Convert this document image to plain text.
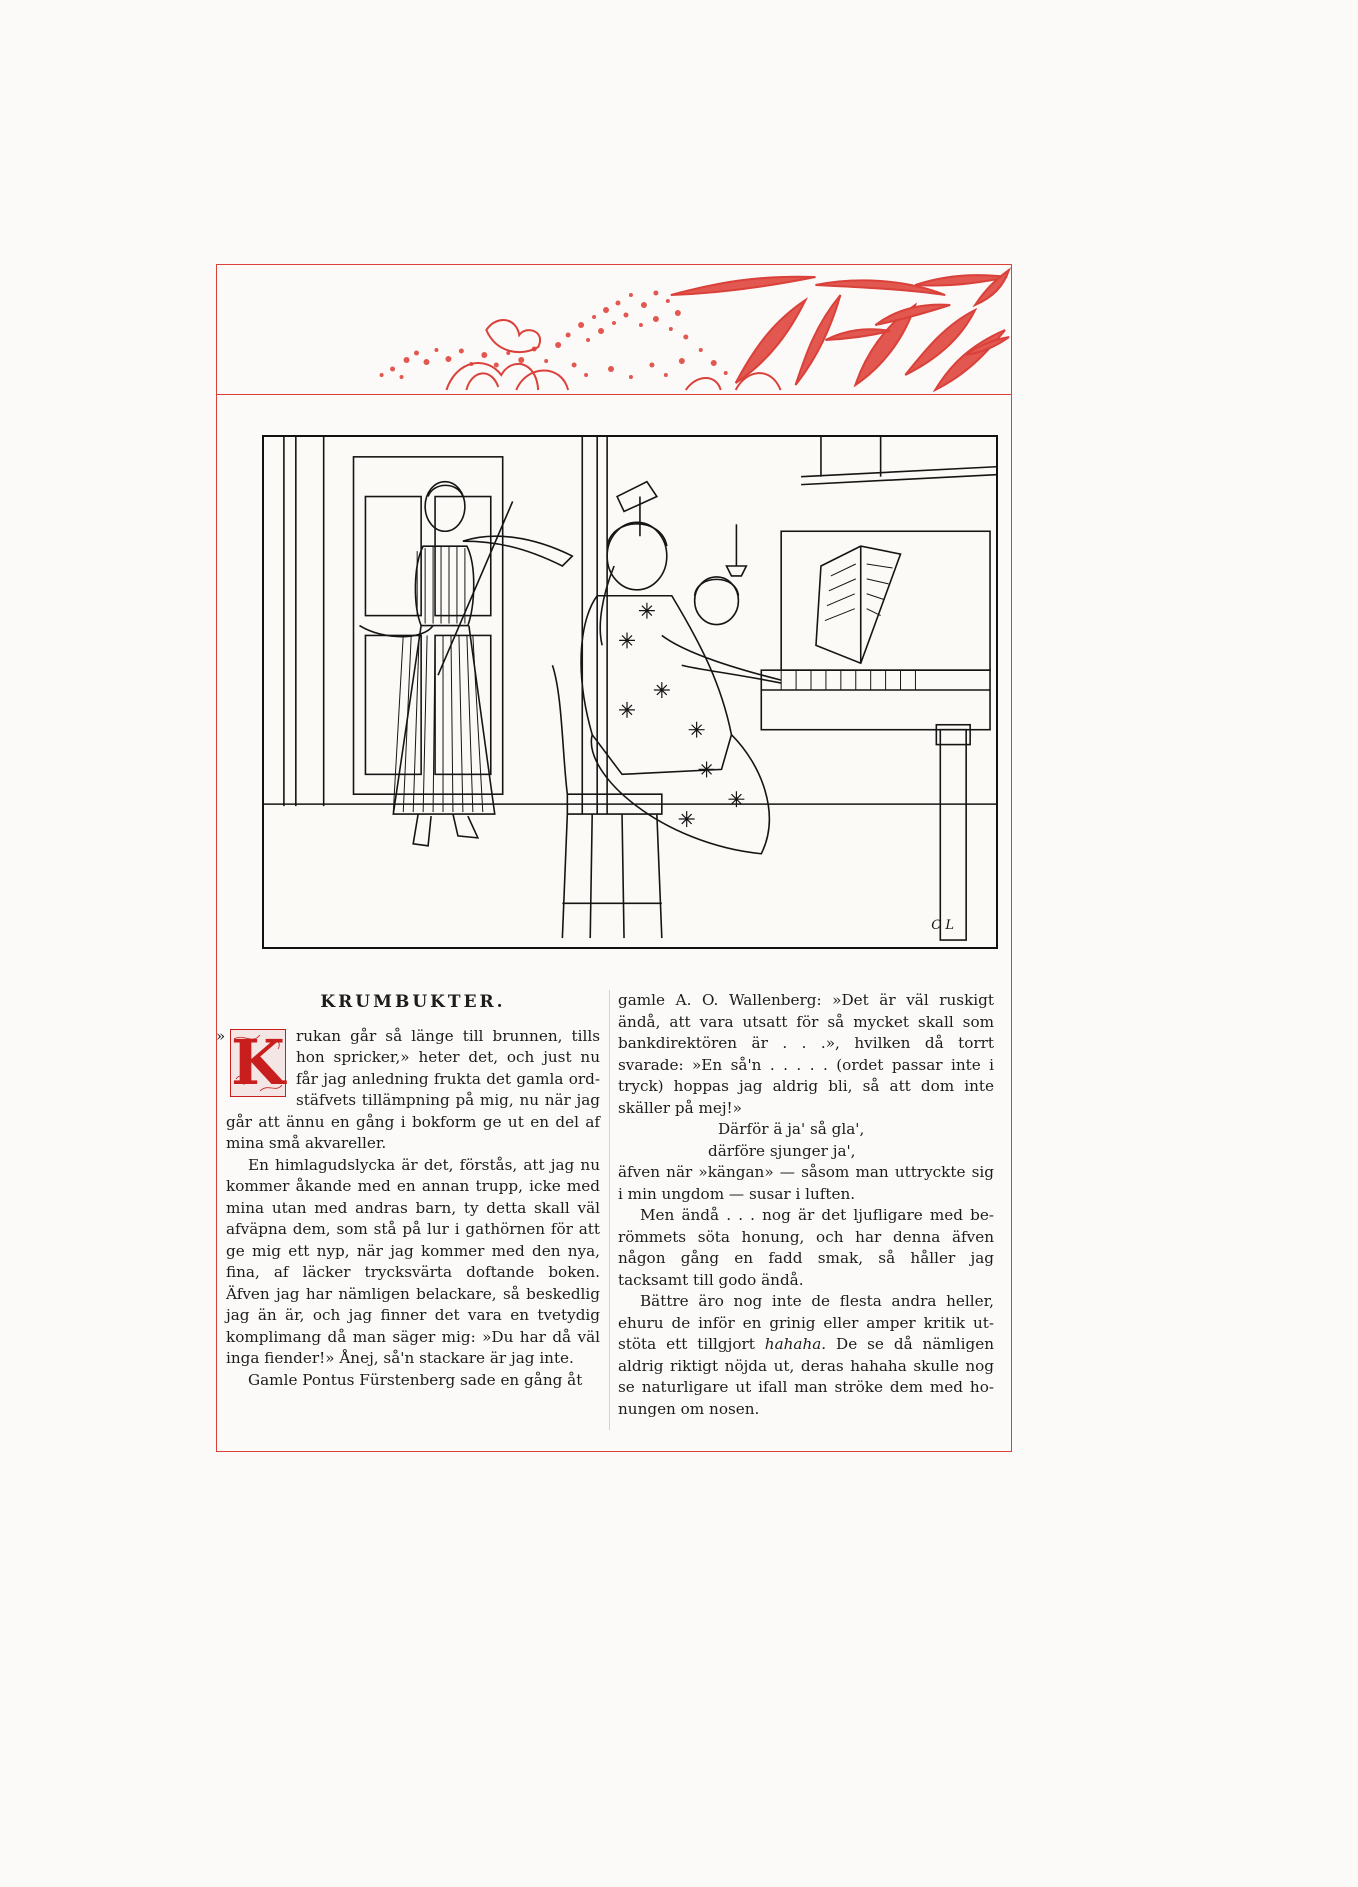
C L
KRUMBUKTER.
» K rukan går så länge till brunnen, tills hon spricker,» heter det, och just nu får jag anledning frukta det gamla ordstäfvets tillämpning på mig, nu när jag går att ännu en gång i bokform ge ut en del af mina små akvareller.

En himlagudslycka är det, förstås, att jag nu kommer åkande med en annan trupp, icke med mina utan med andras barn, ty detta skall väl afväpna dem, som stå på lur i gathörnen för att ge mig ett nyp, när jag kommer med den nya, fina, af läcker trycksvärta doftande boken. Äfven jag har nämligen belackare, så beskedlig jag än är, och jag finner det vara en tvetydig komplimang då man säger mig: »Du har då väl inga fiender!» Ånej, så'n stackare är jag inte.

Gamle Pontus Fürstenberg sade en gång åt

gamle A. O. Wallenberg: »Det är väl ruskigt ändå, att vara utsatt för så mycket skall som bankdirektören är . . .», hvilken då torrt svarade: »En så'n . . . . . (ordet passar inte i tryck) hoppas jag aldrig bli, så att dom inte skäller på mej!»

Därför ä ja' så gla',

därföre sjunger ja',

äfven när »kängan» — såsom man uttryckte sig i min ungdom — susar i luften.

Men ändå . . . nog är det ljufligare med berömmets söta honung, och har denna äfven någon gång en fadd smak, så håller jag tacksamt till godo ändå.

Bättre äro nog inte de flesta andra heller, ehuru de inför en grinig eller amper kritik utstöta ett tillgjort hahaha. De se då nämligen aldrig riktigt nöjda ut, deras hahaha skulle nog se naturligare ut ifall man ströke dem med honungen om nosen.
